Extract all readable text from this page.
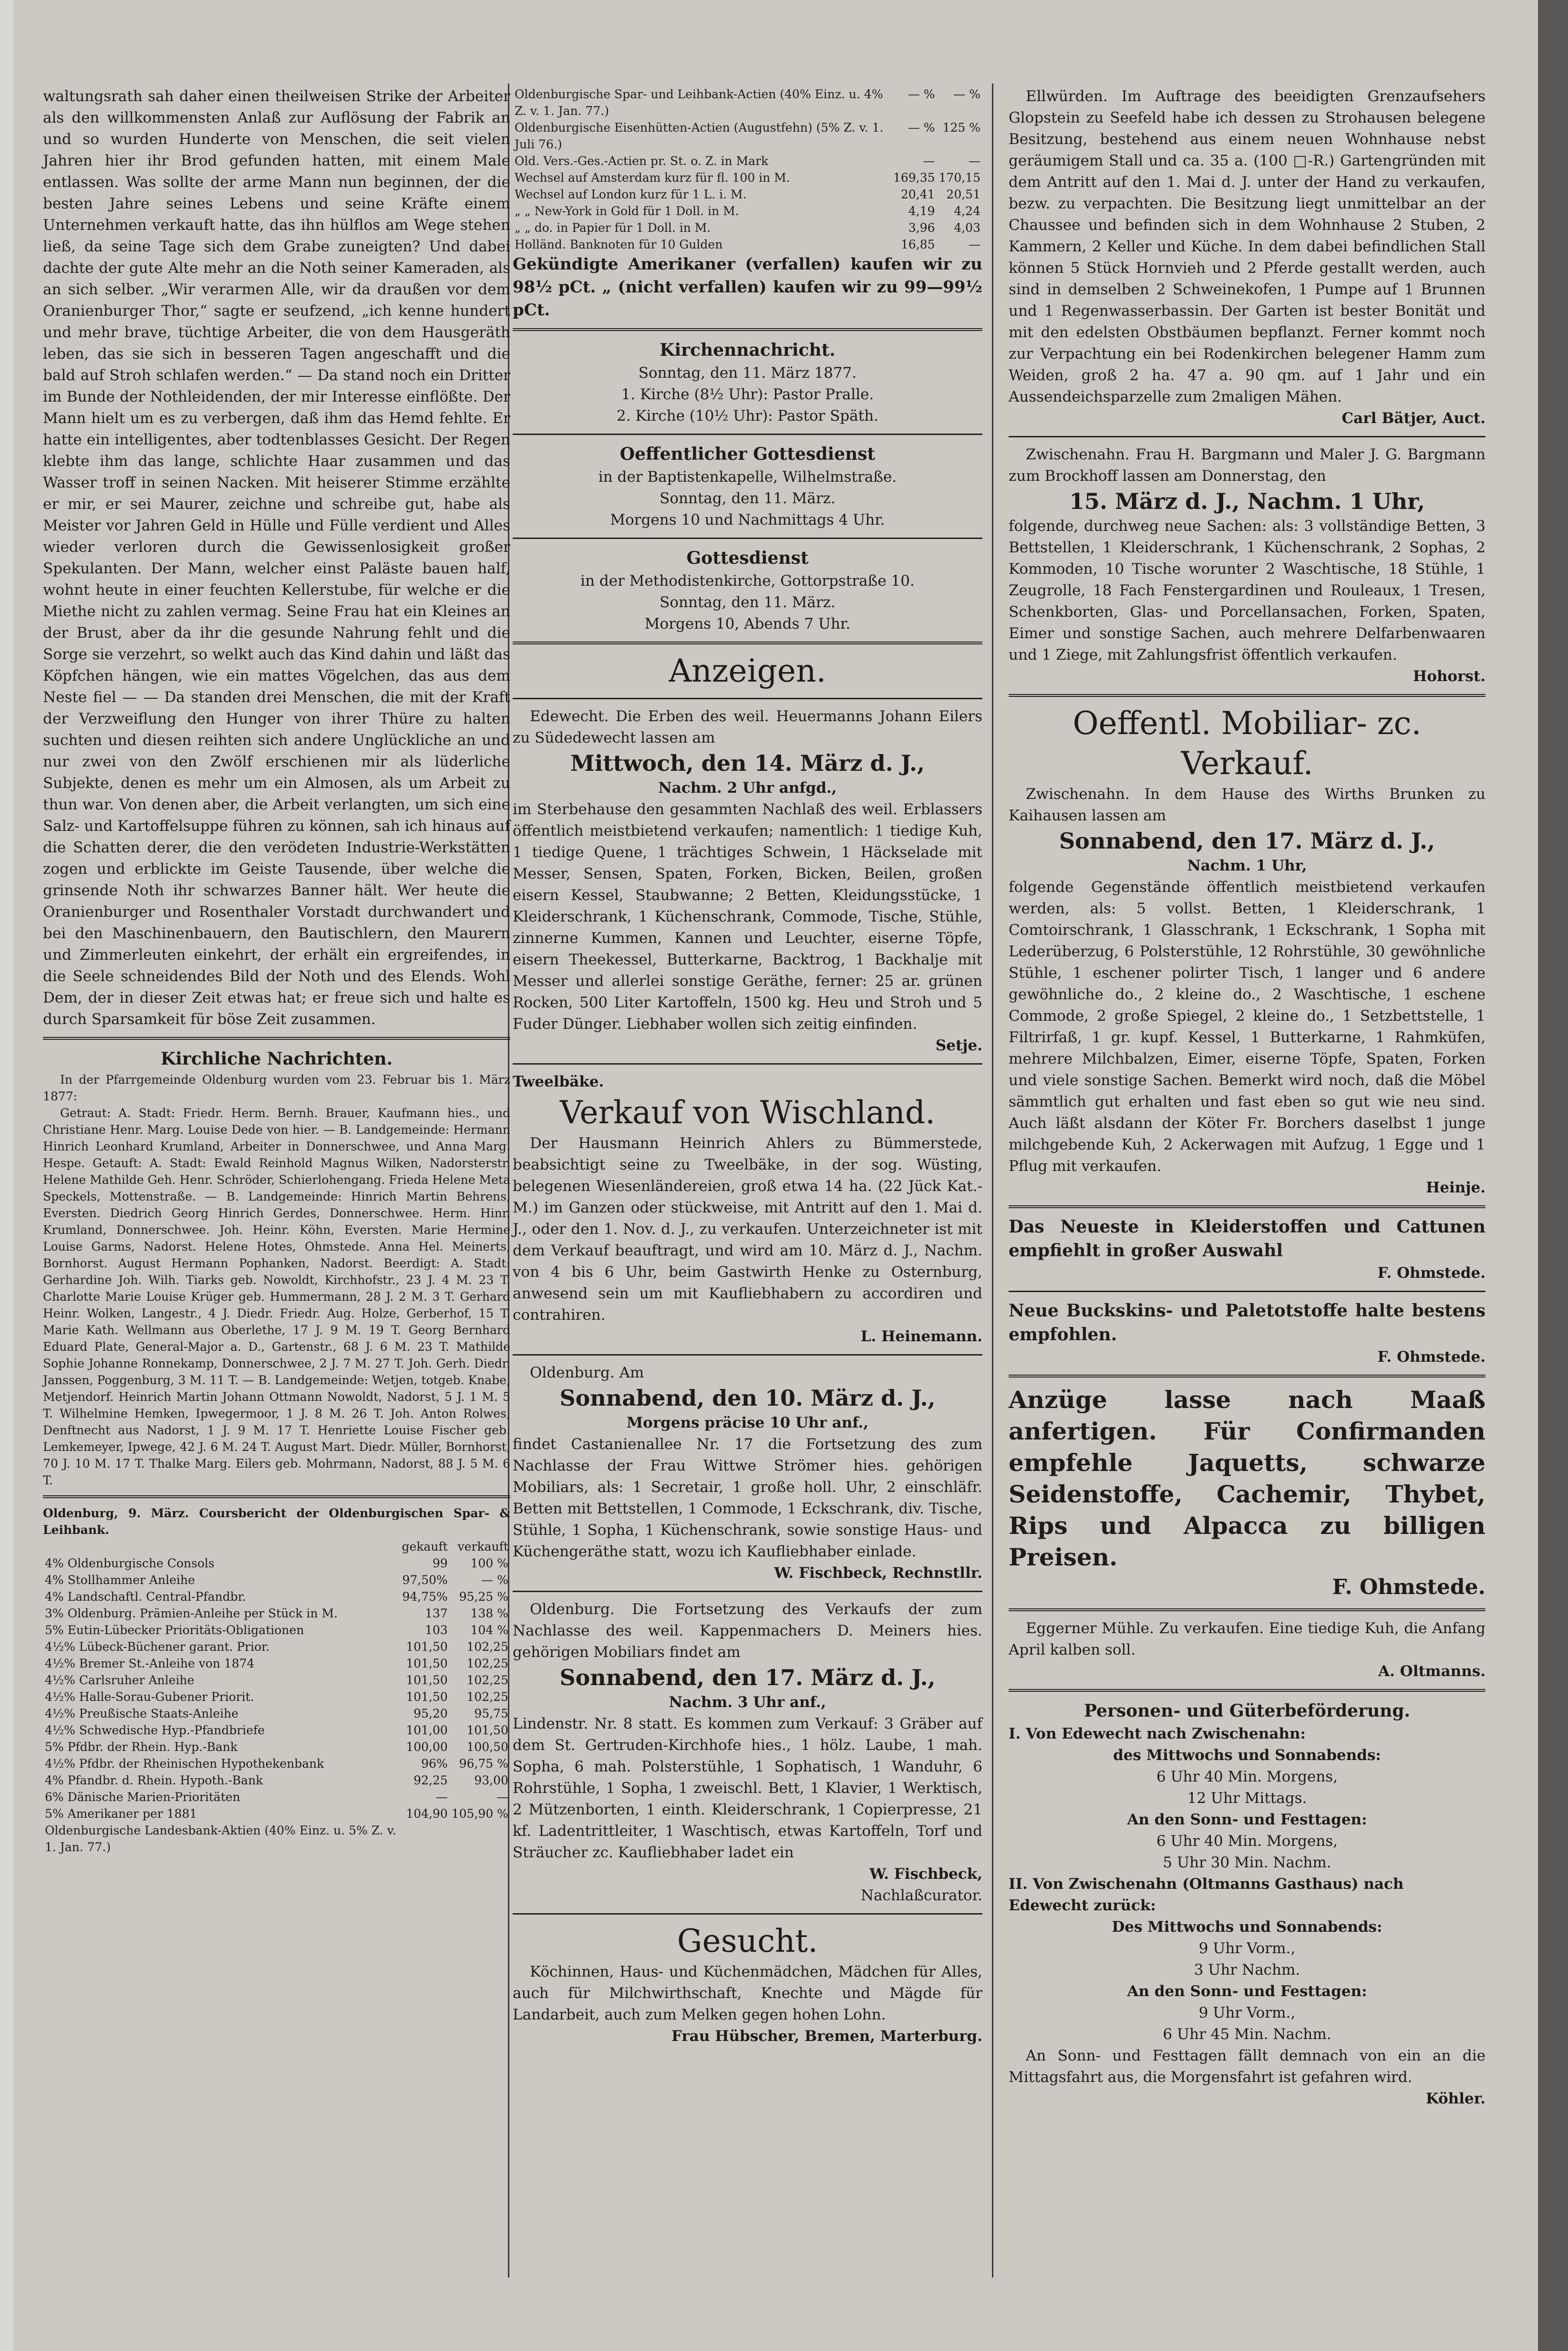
waltungsrath sah daher einen theilweisen Strike der Arbeiter als den willkommensten Anlaß zur Auflösung der Fabrik an und so wurden Hunderte von Menschen, die seit vielen Jahren hier ihr Brod gefunden hatten, mit einem Male entlassen. Was sollte der arme Mann nun beginnen, der die besten Jahre seines Lebens und seine Kräfte einem Unternehmen verkauft hatte, das ihn hülflos am Wege stehen ließ, da seine Tage sich dem Grabe zuneigten? Und dabei dachte der gute Alte mehr an die Noth seiner Kameraden, als an sich selber. „Wir verarmen Alle, wir da draußen vor dem Oranienburger Thor,“ sagte er seufzend, „ich kenne hundert und mehr brave, tüchtige Arbeiter, die von dem Hausgeräth leben, das sie sich in besseren Tagen angeschafft und die bald auf Stroh schlafen werden.“ — Da stand noch ein Dritter im Bunde der Nothleidenden, der mir Interesse einflößte. Der Mann hielt um es zu verbergen, daß ihm das Hemd fehlte. Er hatte ein intelligentes, aber todtenblasses Gesicht. Der Regen klebte ihm das lange, schlichte Haar zusammen und das Wasser troff in seinen Nacken. Mit heiserer Stimme erzählte er mir, er sei Maurer, zeichne und schreibe gut, habe als Meister vor Jahren Geld in Hülle und Fülle verdient und Alles wieder verloren durch die Gewissenlosigkeit großer Spekulanten. Der Mann, welcher einst Paläste bauen half, wohnt heute in einer feuchten Kellerstube, für welche er die Miethe nicht zu zahlen vermag. Seine Frau hat ein Kleines an der Brust, aber da ihr die gesunde Nahrung fehlt und die Sorge sie verzehrt, so welkt auch das Kind dahin und läßt das Köpfchen hängen, wie ein mattes Vögelchen, das aus dem Neste fiel — — Da standen drei Menschen, die mit der Kraft der Verzweiflung den Hunger von ihrer Thüre zu halten suchten und diesen reihten sich andere Unglückliche an und nur zwei von den Zwölf erschienen mir als lüderliche Subjekte, denen es mehr um ein Almosen, als um Arbeit zu thun war. Von denen aber, die Arbeit verlangten, um sich eine Salz- und Kartoffelsuppe führen zu können, sah ich hinaus auf die Schatten derer, die den verödeten Industrie-Werkstätten zogen und erblickte im Geiste Tausende, über welche die grinsende Noth ihr schwarzes Banner hält. Wer heute die Oranienburger und Rosenthaler Vorstadt durchwandert und bei den Maschinenbauern, den Bautischlern, den Maurern und Zimmerleuten einkehrt, der erhält ein ergreifendes, in die Seele schneidendes Bild der Noth und des Elends. Wohl Dem, der in dieser Zeit etwas hat; er freue sich und halte es durch Sparsamkeit für böse Zeit zusammen.

Kirchliche Nachrichten.

In der Pfarrgemeinde Oldenburg wurden vom 23. Februar bis 1. März 1877:

Getraut: A. Stadt: Friedr. Herm. Bernh. Brauer, Kaufmann hies., und Christiane Henr. Marg. Louise Dede von hier. — B. Landgemeinde: Hermann Hinrich Leonhard Krumland, Arbeiter in Donnerschwee, und Anna Marg. Hespe. Getauft: A. Stadt: Ewald Reinhold Magnus Wilken, Nadorsterstr. Helene Mathilde Geh. Henr. Schröder, Schierlohengang. Frieda Helene Meta Speckels, Mottenstraße. — B. Landgemeinde: Hinrich Martin Behrens, Eversten. Diedrich Georg Hinrich Gerdes, Donnerschwee. Herm. Hinr. Krumland, Donnerschwee. Joh. Heinr. Köhn, Eversten. Marie Hermine Louise Garms, Nadorst. Helene Hotes, Ohmstede. Anna Hel. Meinerts, Bornhorst. August Hermann Pophanken, Nadorst. Beerdigt: A. Stadt: Gerhardine Joh. Wilh. Tiarks geb. Nowoldt, Kirchhofstr., 23 J. 4 M. 23 T. Charlotte Marie Louise Krüger geb. Hummermann, 28 J. 2 M. 3 T. Gerhard Heinr. Wolken, Langestr., 4 J. Diedr. Friedr. Aug. Holze, Gerberhof, 15 T. Marie Kath. Wellmann aus Oberlethe, 17 J. 9 M. 19 T. Georg Bernhard Eduard Plate, General-Major a. D., Gartenstr., 68 J. 6 M. 23 T. Mathilde Sophie Johanne Ronnekamp, Donnerschwee, 2 J. 7 M. 27 T. Joh. Gerh. Diedr. Janssen, Poggenburg, 3 M. 11 T. — B. Landgemeinde: Wetjen, totgeb. Knabe, Metjendorf. Heinrich Martin Johann Ottmann Nowoldt, Nadorst, 5 J. 1 M. 5 T. Wilhelmine Hemken, Ipwegermoor, 1 J. 8 M. 26 T. Joh. Anton Rolwes, Denftnecht aus Nadorst, 1 J. 9 M. 17 T. Henriette Louise Fischer geb. Lemkemeyer, Ipwege, 42 J. 6 M. 24 T. August Mart. Diedr. Müller, Bornhorst, 70 J. 10 M. 17 T. Thalke Marg. Eilers geb. Mohrmann, Nadorst, 88 J. 5 M. 6 T.

Oldenburg, 9. März. Coursbericht der Oldenburgischen Spar- & Leihbank.

	gekauft	verkauft
4% Oldenburgische Consols	99	100 %
4% Stollhammer Anleihe	97,50%	— %
4% Landschaftl. Central-Pfandbr.	94,75%	95,25 %
3% Oldenburg. Prämien-Anleihe per Stück in M.	137	138 %
5% Eutin-Lübecker Prioritäts-Obligationen	103	104 %
4½% Lübeck-Büchener garant. Prior.	101,50	102,25
4½% Bremer St.-Anleihe von 1874	101,50	102,25
4½% Carlsruher Anleihe	101,50	102,25
4½% Halle-Sorau-Gubener Priorit.	101,50	102,25
4½% Preußische Staats-Anleihe	95,20	95,75
4½% Schwedische Hyp.-Pfandbriefe	101,00	101,50
5% Pfdbr. der Rhein. Hyp.-Bank	100,00	100,50
4½% Pfdbr. der Rheinischen Hypothekenbank	96%	96,75 %
4% Pfandbr. d. Rhein. Hypoth.-Bank	92,25	93,00
6% Dänische Marien-Prioritäten	—	—
5% Amerikaner per 1881	104,90	105,90 %
Oldenburgische Landesbank-Aktien (40% Einz. u. 5% Z. v. 1. Jan. 77.)		
Oldenburgische Spar- und Leihbank-Actien (40% Einz. u. 4% Z. v. 1. Jan. 77.)	— %	— %
Oldenburgische Eisenhütten-Actien (Augustfehn) (5% Z. v. 1. Juli 76.)	— %	125 %
Old. Vers.-Ges.-Actien pr. St. o. Z. in Mark	—	—
Wechsel auf Amsterdam kurz für fl. 100 in M.	169,35	170,15
Wechsel auf London kurz für 1 L. i. M.	20,41	20,51
„ „ New-York in Gold für 1 Doll. in M.	4,19	4,24
„ „ do. in Papier für 1 Doll. in M.	3,96	4,03
Holländ. Banknoten für 10 Gulden	16,85	—

Gekündigte Amerikaner (verfallen) kaufen wir zu 98½ pCt. „ (nicht verfallen) kaufen wir zu 99—99½ pCt.

Kirchennachricht.
Sonntag, den 11. März 1877.
1. Kirche (8½ Uhr): Pastor Pralle.
2. Kirche (10½ Uhr): Pastor Späth.
Oeffentlicher Gottesdienst
in der Baptistenkapelle, Wilhelmstraße.
Sonntag, den 11. März.
Morgens 10 und Nachmittags 4 Uhr.
Gottesdienst
in der Methodistenkirche, Gottorpstraße 10.
Sonntag, den 11. März.
Morgens 10, Abends 7 Uhr.
Anzeigen.

Edewecht. Die Erben des weil. Heuermanns Johann Eilers zu Südedewecht lassen am

Mittwoch, den 14. März d. J.,
Nachm. 2 Uhr anfgd.,

im Sterbehause den gesammten Nachlaß des weil. Erblassers öffentlich meistbietend verkaufen; namentlich: 1 tiedige Kuh, 1 tiedige Quene, 1 trächtiges Schwein, 1 Häckselade mit Messer, Sensen, Spaten, Forken, Bicken, Beilen, großen eisern Kessel, Staubwanne; 2 Betten, Kleidungsstücke, 1 Kleiderschrank, 1 Küchenschrank, Commode, Tische, Stühle, zinnerne Kummen, Kannen und Leuchter, eiserne Töpfe, eisern Theekessel, Butterkarne, Backtrog, 1 Backhalje mit Messer und allerlei sonstige Geräthe, ferner: 25 ar. grünen Rocken, 500 Liter Kartoffeln, 1500 kg. Heu und Stroh und 5 Fuder Dünger. Liebhaber wollen sich zeitig einfinden.

Setje.
Tweelbäke.
Verkauf von Wischland.

Der Hausmann Heinrich Ahlers zu Bümmerstede, beabsichtigt seine zu Tweelbäke, in der sog. Wüsting, belegenen Wiesenländereien, groß etwa 14 ha. (22 Jück Kat.-M.) im Ganzen oder stückweise, mit Antritt auf den 1. Mai d. J., oder den 1. Nov. d. J., zu verkaufen. Unterzeichneter ist mit dem Verkauf beauftragt, und wird am 10. März d. J., Nachm. von 4 bis 6 Uhr, beim Gastwirth Henke zu Osternburg, anwesend sein um mit Kaufliebhabern zu accordiren und contrahiren.

L. Heinemann.

Oldenburg. Am

Sonnabend, den 10. März d. J.,
Morgens präcise 10 Uhr anf.,

findet Castanienallee Nr. 17 die Fortsetzung des zum Nachlasse der Frau Wittwe Strömer hies. gehörigen Mobiliars, als: 1 Secretair, 1 große holl. Uhr, 2 einschläfr. Betten mit Bettstellen, 1 Commode, 1 Eckschrank, div. Tische, Stühle, 1 Sopha, 1 Küchenschrank, sowie sonstige Haus- und Küchengeräthe statt, wozu ich Kaufliebhaber einlade.

W. Fischbeck, Rechnstllr.

Oldenburg. Die Fortsetzung des Verkaufs der zum Nachlasse des weil. Kappenmachers D. Meiners hies. gehörigen Mobiliars findet am

Sonnabend, den 17. März d. J.,
Nachm. 3 Uhr anf.,

Lindenstr. Nr. 8 statt. Es kommen zum Verkauf: 3 Gräber auf dem St. Gertruden-Kirchhofe hies., 1 hölz. Laube, 1 mah. Sopha, 6 mah. Polsterstühle, 1 Sophatisch, 1 Wanduhr, 6 Rohrstühle, 1 Sopha, 1 zweischl. Bett, 1 Klavier, 1 Werktisch, 2 Mützenborten, 1 einth. Kleiderschrank, 1 Copierpresse, 21 kf. Ladentrittleiter, 1 Waschtisch, etwas Kartoffeln, Torf und Sträucher zc. Kaufliebhaber ladet ein

W. Fischbeck,
Nachlaßcurator.
Gesucht.

Köchinnen, Haus- und Küchenmädchen, Mädchen für Alles, auch für Milchwirthschaft, Knechte und Mägde für Landarbeit, auch zum Melken gegen hohen Lohn.

Frau Hübscher, Bremen, Marterburg.

Ellwürden. Im Auftrage des beeidigten Grenzaufsehers Glopstein zu Seefeld habe ich dessen zu Strohausen belegene Besitzung, bestehend aus einem neuen Wohnhause nebst geräumigem Stall und ca. 35 a. (100 □-R.) Gartengründen mit dem Antritt auf den 1. Mai d. J. unter der Hand zu verkaufen, bezw. zu verpachten. Die Besitzung liegt unmittelbar an der Chaussee und befinden sich in dem Wohnhause 2 Stuben, 2 Kammern, 2 Keller und Küche. In dem dabei befindlichen Stall können 5 Stück Hornvieh und 2 Pferde gestallt werden, auch sind in demselben 2 Schweinekofen, 1 Pumpe auf 1 Brunnen und 1 Regenwasserbassin. Der Garten ist bester Bonität und mit den edelsten Obstbäumen bepflanzt. Ferner kommt noch zur Verpachtung ein bei Rodenkirchen belegener Hamm zum Weiden, groß 2 ha. 47 a. 90 qm. auf 1 Jahr und ein Aussendeichsparzelle zum 2maligen Mähen.

Carl Bätjer, Auct.

Zwischenahn. Frau H. Bargmann und Maler J. G. Bargmann zum Brockhoff lassen am Donnerstag, den

15. März d. J., Nachm. 1 Uhr,

folgende, durchweg neue Sachen: als: 3 vollständige Betten, 3 Bettstellen, 1 Kleiderschrank, 1 Küchenschrank, 2 Sophas, 2 Kommoden, 10 Tische worunter 2 Waschtische, 18 Stühle, 1 Zeugrolle, 18 Fach Fenstergardinen und Rouleaux, 1 Tresen, Schenkborten, Glas- und Porcellansachen, Forken, Spaten, Eimer und sonstige Sachen, auch mehrere Delfarbenwaaren und 1 Ziege, mit Zahlungsfrist öffentlich verkaufen.

Hohorst.
Oeffentl. Mobiliar- zc. Verkauf.

Zwischenahn. In dem Hause des Wirths Brunken zu Kaihausen lassen am

Sonnabend, den 17. März d. J.,
Nachm. 1 Uhr,

folgende Gegenstände öffentlich meistbietend verkaufen werden, als: 5 vollst. Betten, 1 Kleiderschrank, 1 Comtoirschrank, 1 Glasschrank, 1 Eckschrank, 1 Sopha mit Lederüberzug, 6 Polsterstühle, 12 Rohrstühle, 30 gewöhnliche Stühle, 1 eschener polirter Tisch, 1 langer und 6 andere gewöhnliche do., 2 kleine do., 2 Waschtische, 1 eschene Commode, 2 große Spiegel, 2 kleine do., 1 Setzbettstelle, 1 Filtrirfaß, 1 gr. kupf. Kessel, 1 Butterkarne, 1 Rahmküfen, mehrere Milchbalzen, Eimer, eiserne Töpfe, Spaten, Forken und viele sonstige Sachen. Bemerkt wird noch, daß die Möbel sämmtlich gut erhalten und fast eben so gut wie neu sind. Auch läßt alsdann der Köter Fr. Borchers daselbst 1 junge milchgebende Kuh, 2 Ackerwagen mit Aufzug, 1 Egge und 1 Pflug mit verkaufen.

Heinje.

Das Neueste in Kleiderstoffen und Cattunen empfiehlt in großer Auswahl

F. Ohmstede.

Neue Buckskins- und Paletotstoffe halte bestens empfohlen.

F. Ohmstede.

Anzüge lasse nach Maaß anfertigen. Für Confirmanden empfehle Jaquetts, schwarze Seidenstoffe, Cachemir, Thybet, Rips und Alpacca zu billigen Preisen.

F. Ohmstede.

Eggerner Mühle. Zu verkaufen. Eine tiedige Kuh, die Anfang April kalben soll.

A. Oltmanns.
Personen- und Güterbeförderung.
I. Von Edewecht nach Zwischenahn:
des Mittwochs und Sonnabends:
6 Uhr 40 Min. Morgens,
12 Uhr Mittags.
An den Sonn- und Festtagen:
6 Uhr 40 Min. Morgens,
5 Uhr 30 Min. Nachm.
II. Von Zwischenahn (Oltmanns Gasthaus) nach Edewecht zurück:
Des Mittwochs und Sonnabends:
9 Uhr Vorm.,
3 Uhr Nachm.
An den Sonn- und Festtagen:
9 Uhr Vorm.,
6 Uhr 45 Min. Nachm.

An Sonn- und Festtagen fällt demnach von ein an die Mittagsfahrt aus, die Morgensfahrt ist gefahren wird.

Köhler.
